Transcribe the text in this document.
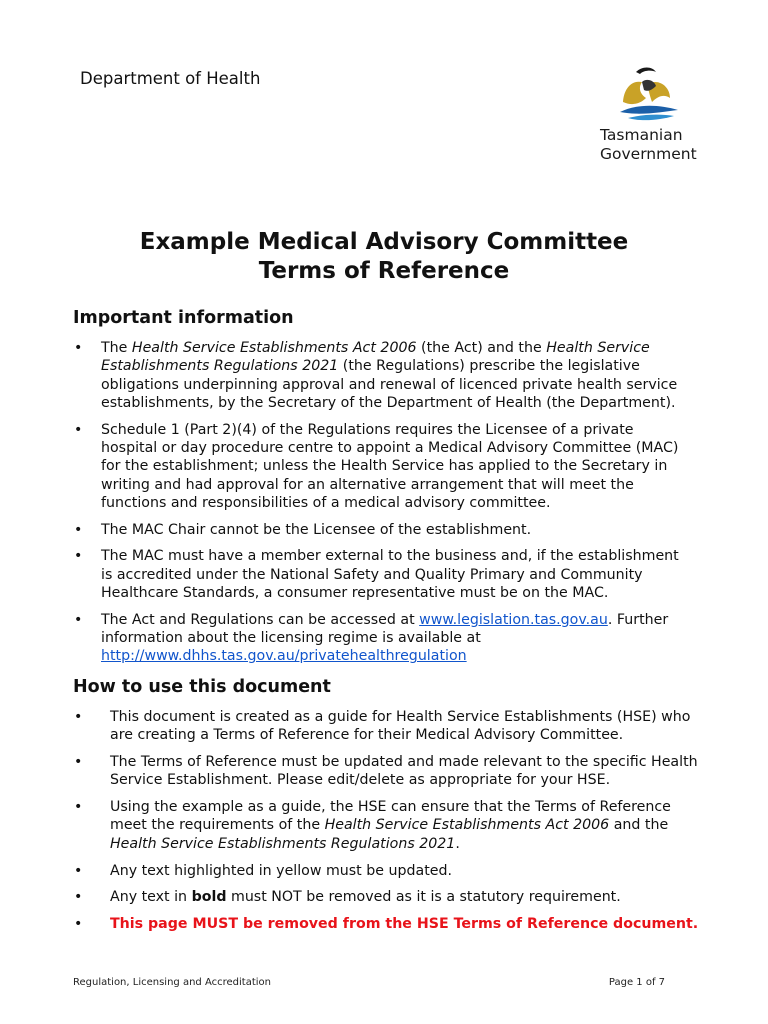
Department of Health
Tasmanian
Government
Example Medical Advisory Committee
Terms of Reference
Important information
• The Health Service Establishments Act 2006 (the Act) and the Health Service Establishments Regulations 2021 (the Regulations) prescribe the legislative obligations underpinning approval and renewal of licenced private health service establishments, by the Secretary of the Department of Health (the Department).
• Schedule 1 (Part 2)(4) of the Regulations requires the Licensee of a private hospital or day procedure centre to appoint a Medical Advisory Committee (MAC) for the establishment; unless the Health Service has applied to the Secretary in writing and had approval for an alternative arrangement that will meet the functions and responsibilities of a medical advisory committee.
• The MAC Chair cannot be the Licensee of the establishment.
• The MAC must have a member external to the business and, if the establishment is accredited under the National Safety and Quality Primary and Community Healthcare Standards, a consumer representative must be on the MAC.
• The Act and Regulations can be accessed at www.legislation.tas.gov.au. Further information about the licensing regime is available at http://www.dhhs.tas.gov.au/privatehealthregulation
How to use this document
• This document is created as a guide for Health Service Establishments (HSE) who are creating a Terms of Reference for their Medical Advisory Committee.
• The Terms of Reference must be updated and made relevant to the specific Health Service Establishment. Please edit/delete as appropriate for your HSE.
• Using the example as a guide, the HSE can ensure that the Terms of Reference meet the requirements of the Health Service Establishments Act 2006 and the Health Service Establishments Regulations 2021.
• Any text highlighted in yellow must be updated.
• Any text in bold must NOT be removed as it is a statutory requirement.
• This page MUST be removed from the HSE Terms of Reference document.
Regulation, Licensing and Accreditation	Page 1 of 7
